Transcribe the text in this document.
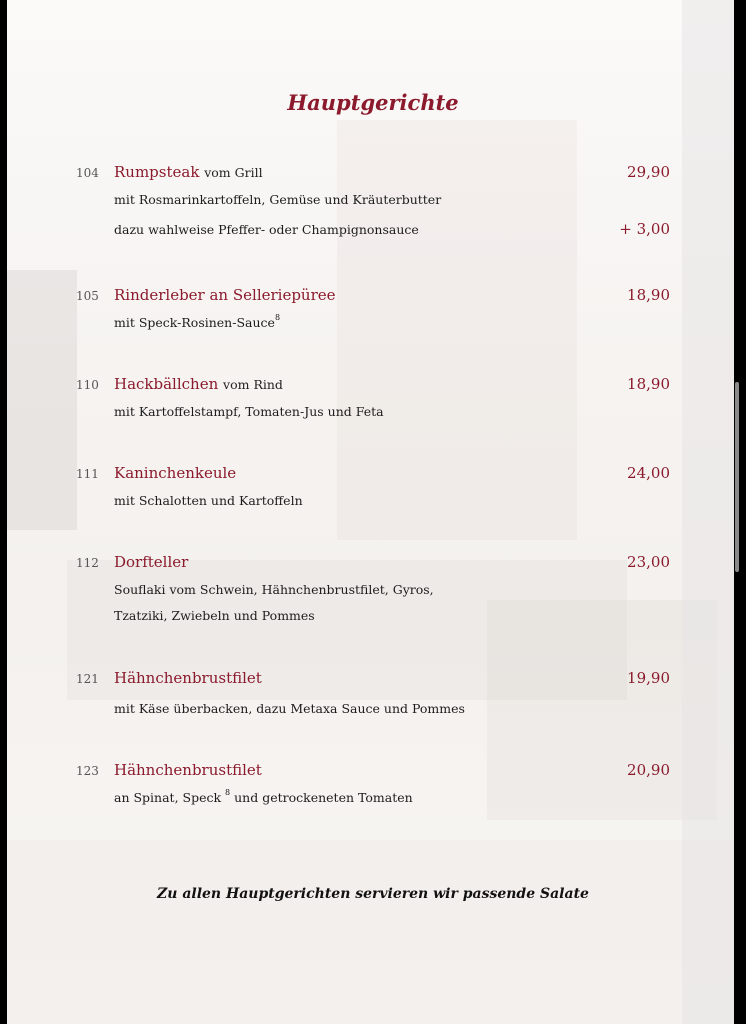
Hauptgerichte
104 Rumpsteak vom Grill	29,90
mit Rosmarinkartoffeln, Gemüse und Kräuterbutter
dazu wahlweise Pfeffer- oder Champignonsauce	+ 3,00
105 Rinderleber an Selleriepüree	18,90
mit Speck-Rosinen-Sauce$^8$
110 Hackbällchen vom Rind	18,90
mit Kartoffelstampf, Tomaten-Jus und Feta
111 Kaninchenkeule	24,00
mit Schalotten und Kartoffeln
112 Dorfteller	23,00
Souflaki vom Schwein, Hähnchenbrustfilet, Gyros,
Tzatziki, Zwiebeln und Pommes
121 Hähnchenbrustfilet	19,90
mit Käse überbacken, dazu Metaxa Sauce und Pommes
123 Hähnchenbrustfilet	20,90
an Spinat, Speck $^8$ und getrockeneten Tomaten
Zu allen Hauptgerichten servieren wir passende Salate
